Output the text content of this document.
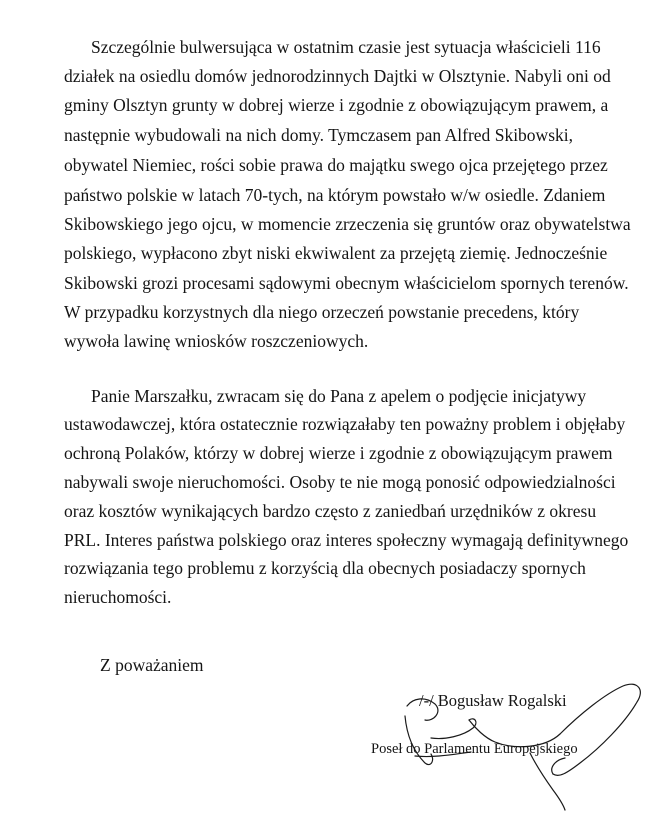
Szczególnie bulwersująca w ostatnim czasie jest sytuacja właścicieli 116
działek na osiedlu domów jednorodzinnych Dajtki w Olsztynie. Nabyli oni od
gminy Olsztyn grunty w dobrej wierze i zgodnie z obowiązującym prawem, a
następnie wybudowali na nich domy. Tymczasem pan Alfred Skibowski,
obywatel Niemiec, rości sobie prawa do majątku swego ojca przejętego przez
państwo polskie w latach 70-tych, na którym powstało w/w osiedle. Zdaniem
Skibowskiego jego ojcu, w momencie zrzeczenia się gruntów oraz obywatelstwa
polskiego, wypłacono zbyt niski ekwiwalent za przejętą ziemię. Jednocześnie
Skibowski grozi procesami sądowymi obecnym właścicielom spornych terenów.
W przypadku korzystnych dla niego orzeczeń powstanie precedens, który
wywoła lawinę wniosków roszczeniowych.
Panie Marszałku, zwracam się do Pana z apelem o podjęcie inicjatywy
ustawodawczej, która ostatecznie rozwiązałaby ten poważny problem i objęłaby
ochroną Polaków, którzy w dobrej wierze i zgodnie z obowiązującym prawem
nabywali swoje nieruchomości. Osoby te nie mogą ponosić odpowiedzialności
oraz kosztów wynikających bardzo często z zaniedbań urzędników z okresu
PRL. Interes państwa polskiego oraz interes społeczny wymagają definitywnego
rozwiązania tego problemu z korzyścią dla obecnych posiadaczy spornych
nieruchomości.
Z poważaniem
/-/ Bogusław Rogalski
Poseł do Parlamentu Europejskiego
